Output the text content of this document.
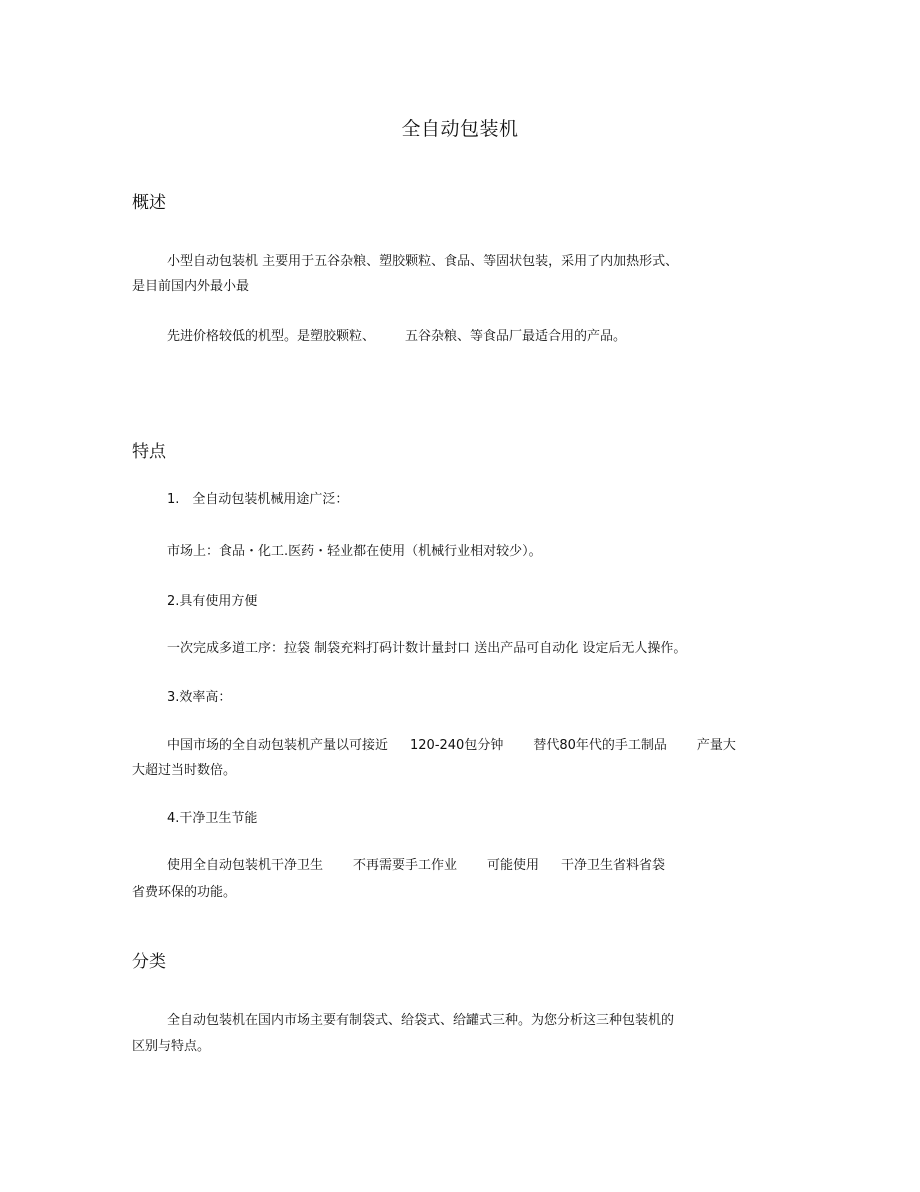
全自动包装机
概述
小型自动包装机 主要用于五谷杂粮、塑胶颗粒、食品、等固状包装，采用了内加热形式、
是目前国内外最小最
先进价格较低的机型。是塑胶颗粒、 五谷杂粮、等食品厂最适合用的产品。
特点
1.　全自动包装机械用途广泛：
市场上：食品・化工.医药・轻业都在使用（机械行业相对较少）。
2.具有使用方便
一次完成多道工序：拉袋 制袋充料打码计数计量封口 送出产品可自动化 设定后无人操作。
3.效率高：
中国市场的全自动包装机产量以可接近 120-240包分钟 替代80年代的手工制品 产量大
大超过当时数倍。
4.干净卫生节能
使用全自动包装机干净卫生 不再需要手工作业 可能使用 干净卫生省料省袋
省费环保的功能。
分类
全自动包装机在国内市场主要有制袋式、给袋式、给罐式三种。为您分析这三种包装机的
区别与特点。
